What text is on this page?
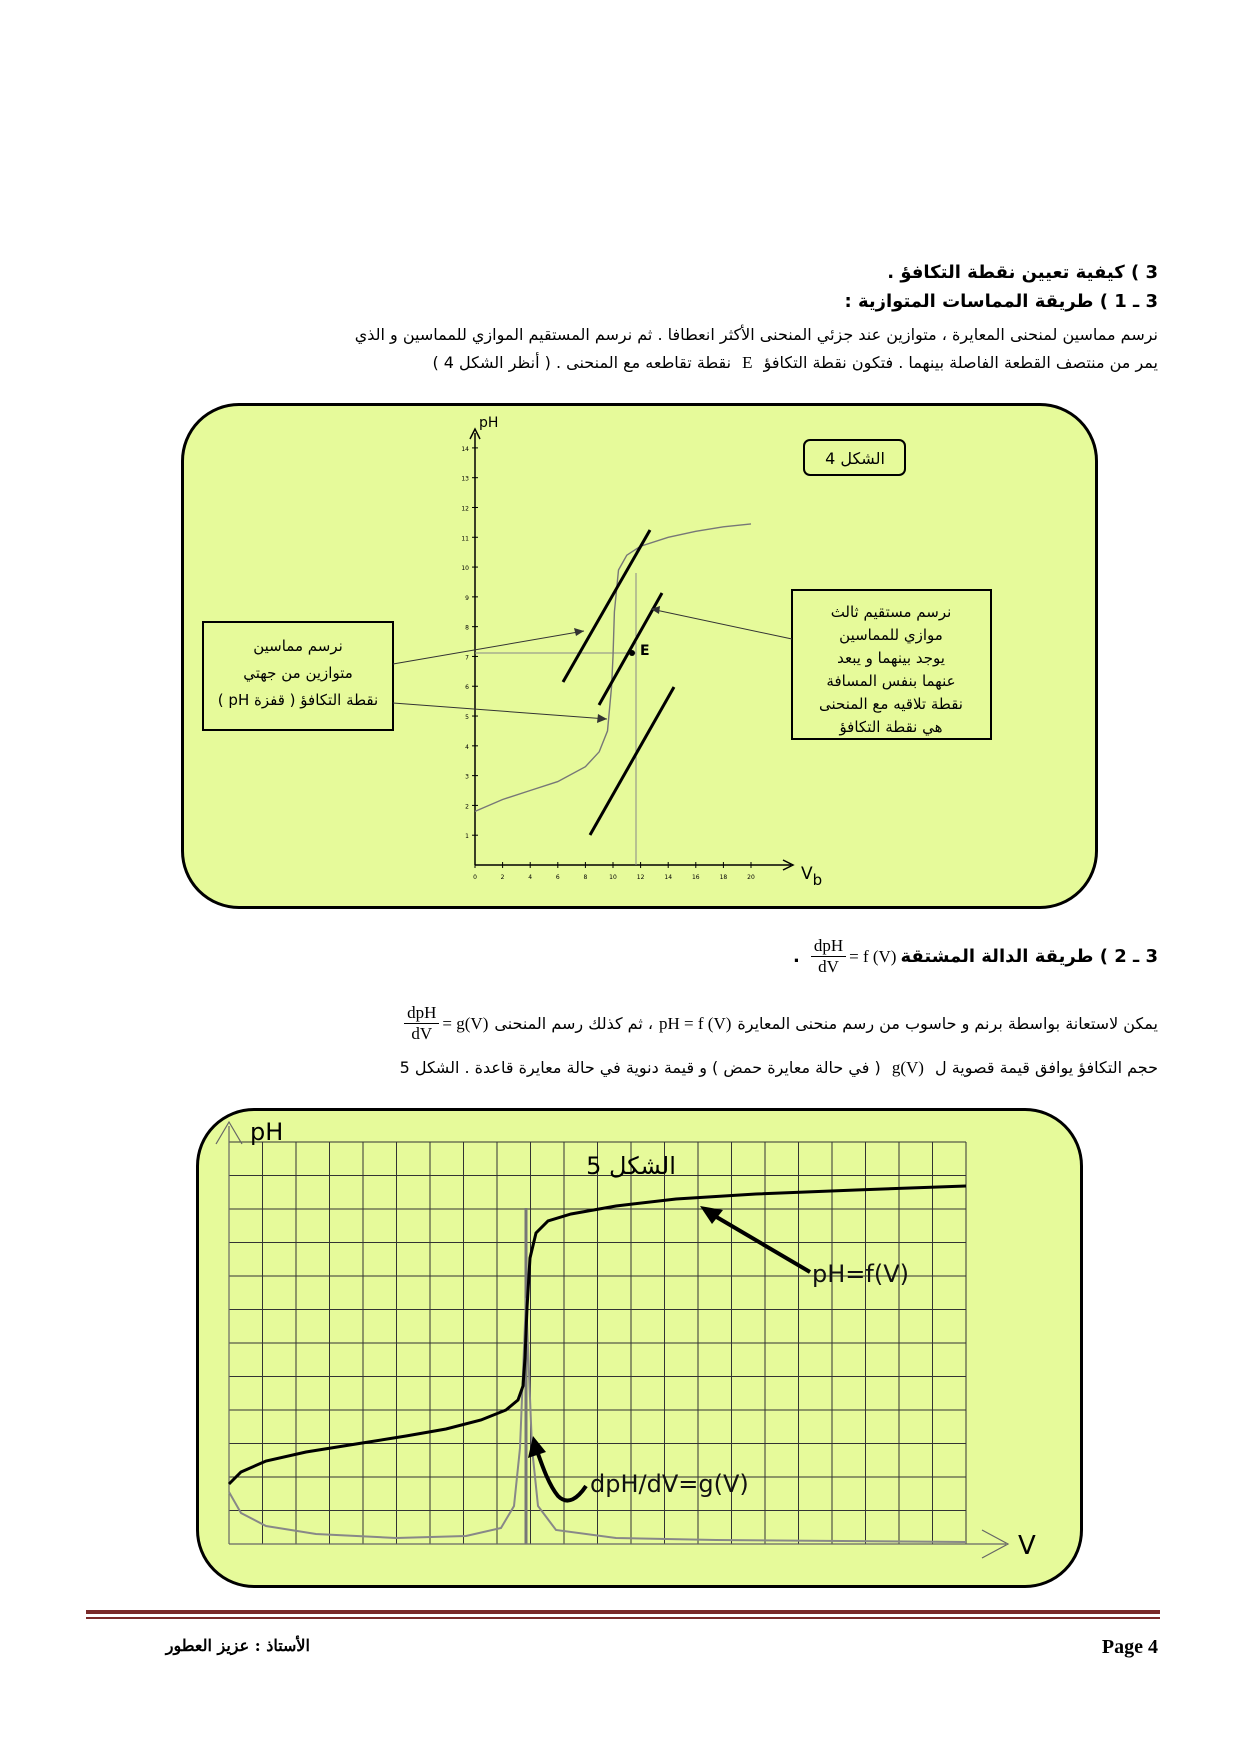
3 ) كيفية تعيين نقطة التكافؤ .
3 ـ 1 ) طريقة المماسات المتوازية :
نرسم مماسين لمنحنى المعايرة ، متوازين عند جزئي المنحنى الأكثر انعطافا . ثم نرسم المستقيم الموازي للمماسين و الذي
يمر من منتصف القطعة الفاصلة بينهما . فتكون نقطة التكافؤ E نقطة تقاطعه مع المنحنى . ( أنظر الشكل 4 )
pH
Vb
1
2
3
4
5
6
7
8
9
10
11
12
13
14
0	2	4	6	8	10	12	14	16	18	20
E
الشكل 4
نرسم مماسين
متوازين من جهتي
نقطة التكافؤ ( قفزة pH )
نرسم مستقيم ثالث
موازي للمماسين
يوجد بينهما و يبعد
عنهما بنفس المسافة
نقطة تلاقيه مع المنحنى
هي نقطة التكافؤ
3 ـ 2 ) طريقة الدالة المشتقة
. $\frac{\text{dpH}}{dV} = f$ (V)
يمكن لاستعانة بواسطة برنم و حاسوب من رسم منحنى المعايرة
pH = f (V)
، ثم كذلك رسم المنحنى
$\frac{\text{dpH}}{dV} = g(V)$
حجم التكافؤ يوافق قيمة قصوية ل g(V) ( في حالة معايرة حمض ) و قيمة دنوية في حالة معايرة قاعدة . الشكل 5
pH
V
الشكل 5
pH=f(V)
dpH/dV=g(V)
الأستاذ : عزيز العطور	Page 4
